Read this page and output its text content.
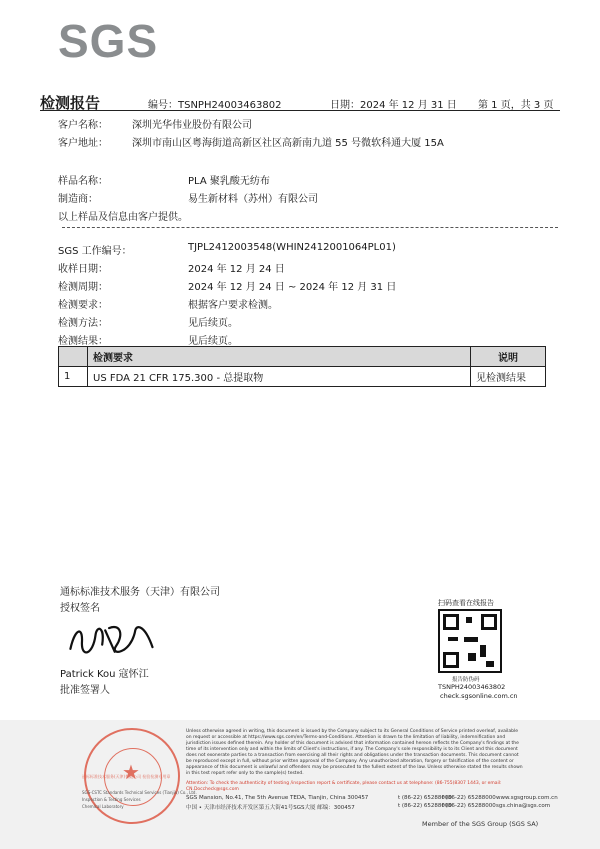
SGS
检测报告	编号：TSNPH24003463802	日期：2024 年 12 月 31 日 第 1 页，共 3 页
客户名称： 深圳光华伟业股份有限公司
客户地址： 深圳市南山区粤海街道高新区社区高新南九道 55 号微软科通大厦 15A
样品名称：	PLA 聚乳酸无纺布
制造商：	易生新材料（苏州）有限公司
以上样品及信息由客户提供。
SGS 工作编号：	TJPL2412003548(WHIN2412001064PL01)
收样日期：	2024 年 12 月 24 日
检测周期：	2024 年 12 月 24 日 ~ 2024 年 12 月 31 日
检测要求：	根据客户要求检测。
检测方法：	见后续页。
检测结果：	见后续页。
	检测要求	说明
1	US FDA 21 CFR 175.300 - 总提取物	见检测结果
通标标准技术服务（天津）有限公司
授权签名
Patrick Kou 寇怀江
批准签署人
扫码查看在线报告
报告防伪码
TSNPH24003463802
check.sgsonline.com.cn
★
通标标准技术服务(天津)有限公司 检验检测专用章
SGS-CSTC Standards Technical Services (Tianjin) Co., Ltd.
Inspection & Testing Services
Chemical Laboratory
Unless otherwise agreed in writing, this document is issued by the Company subject to its General Conditions of Service printed overleaf, available on request or accessible at https://www.sgs.com/en/Terms-and-Conditions. Attention is drawn to the limitation of liability, indemnification and jurisdiction issues defined therein. Any holder of this document is advised that information contained hereon reflects the Company's findings at the time of its intervention only and within the limits of Client's instructions, if any. The Company's sole responsibility is to its Client and this document does not exonerate parties to a transaction from exercising all their rights and obligations under the transaction documents. This document cannot be reproduced except in full, without prior written approval of the Company. Any unauthorized alteration, forgery or falsification of the content or appearance of this document is unlawful and offenders may be prosecuted to the fullest extent of the law. Unless otherwise stated the results shown in this test report refer only to the sample(s) tested.
Attention: To check the authenticity of testing /inspection report & certificate, please contact us at telephone: (86-755)8307 1443, or email: CN.Doccheck@sgs.com
SGS Mansion, No.41, The 5th Avenue TEDA, Tianjin, China 300457
中国 • 天津市经济技术开发区第五大街41号SGS大厦 邮编：300457
t (86-22) 65288000
t (86-22) 65288000
f (86-22) 65288000
f (86-22) 65288000
www.sgsgroup.com.cn
sgs.china@sgs.com
Member of the SGS Group (SGS SA)
